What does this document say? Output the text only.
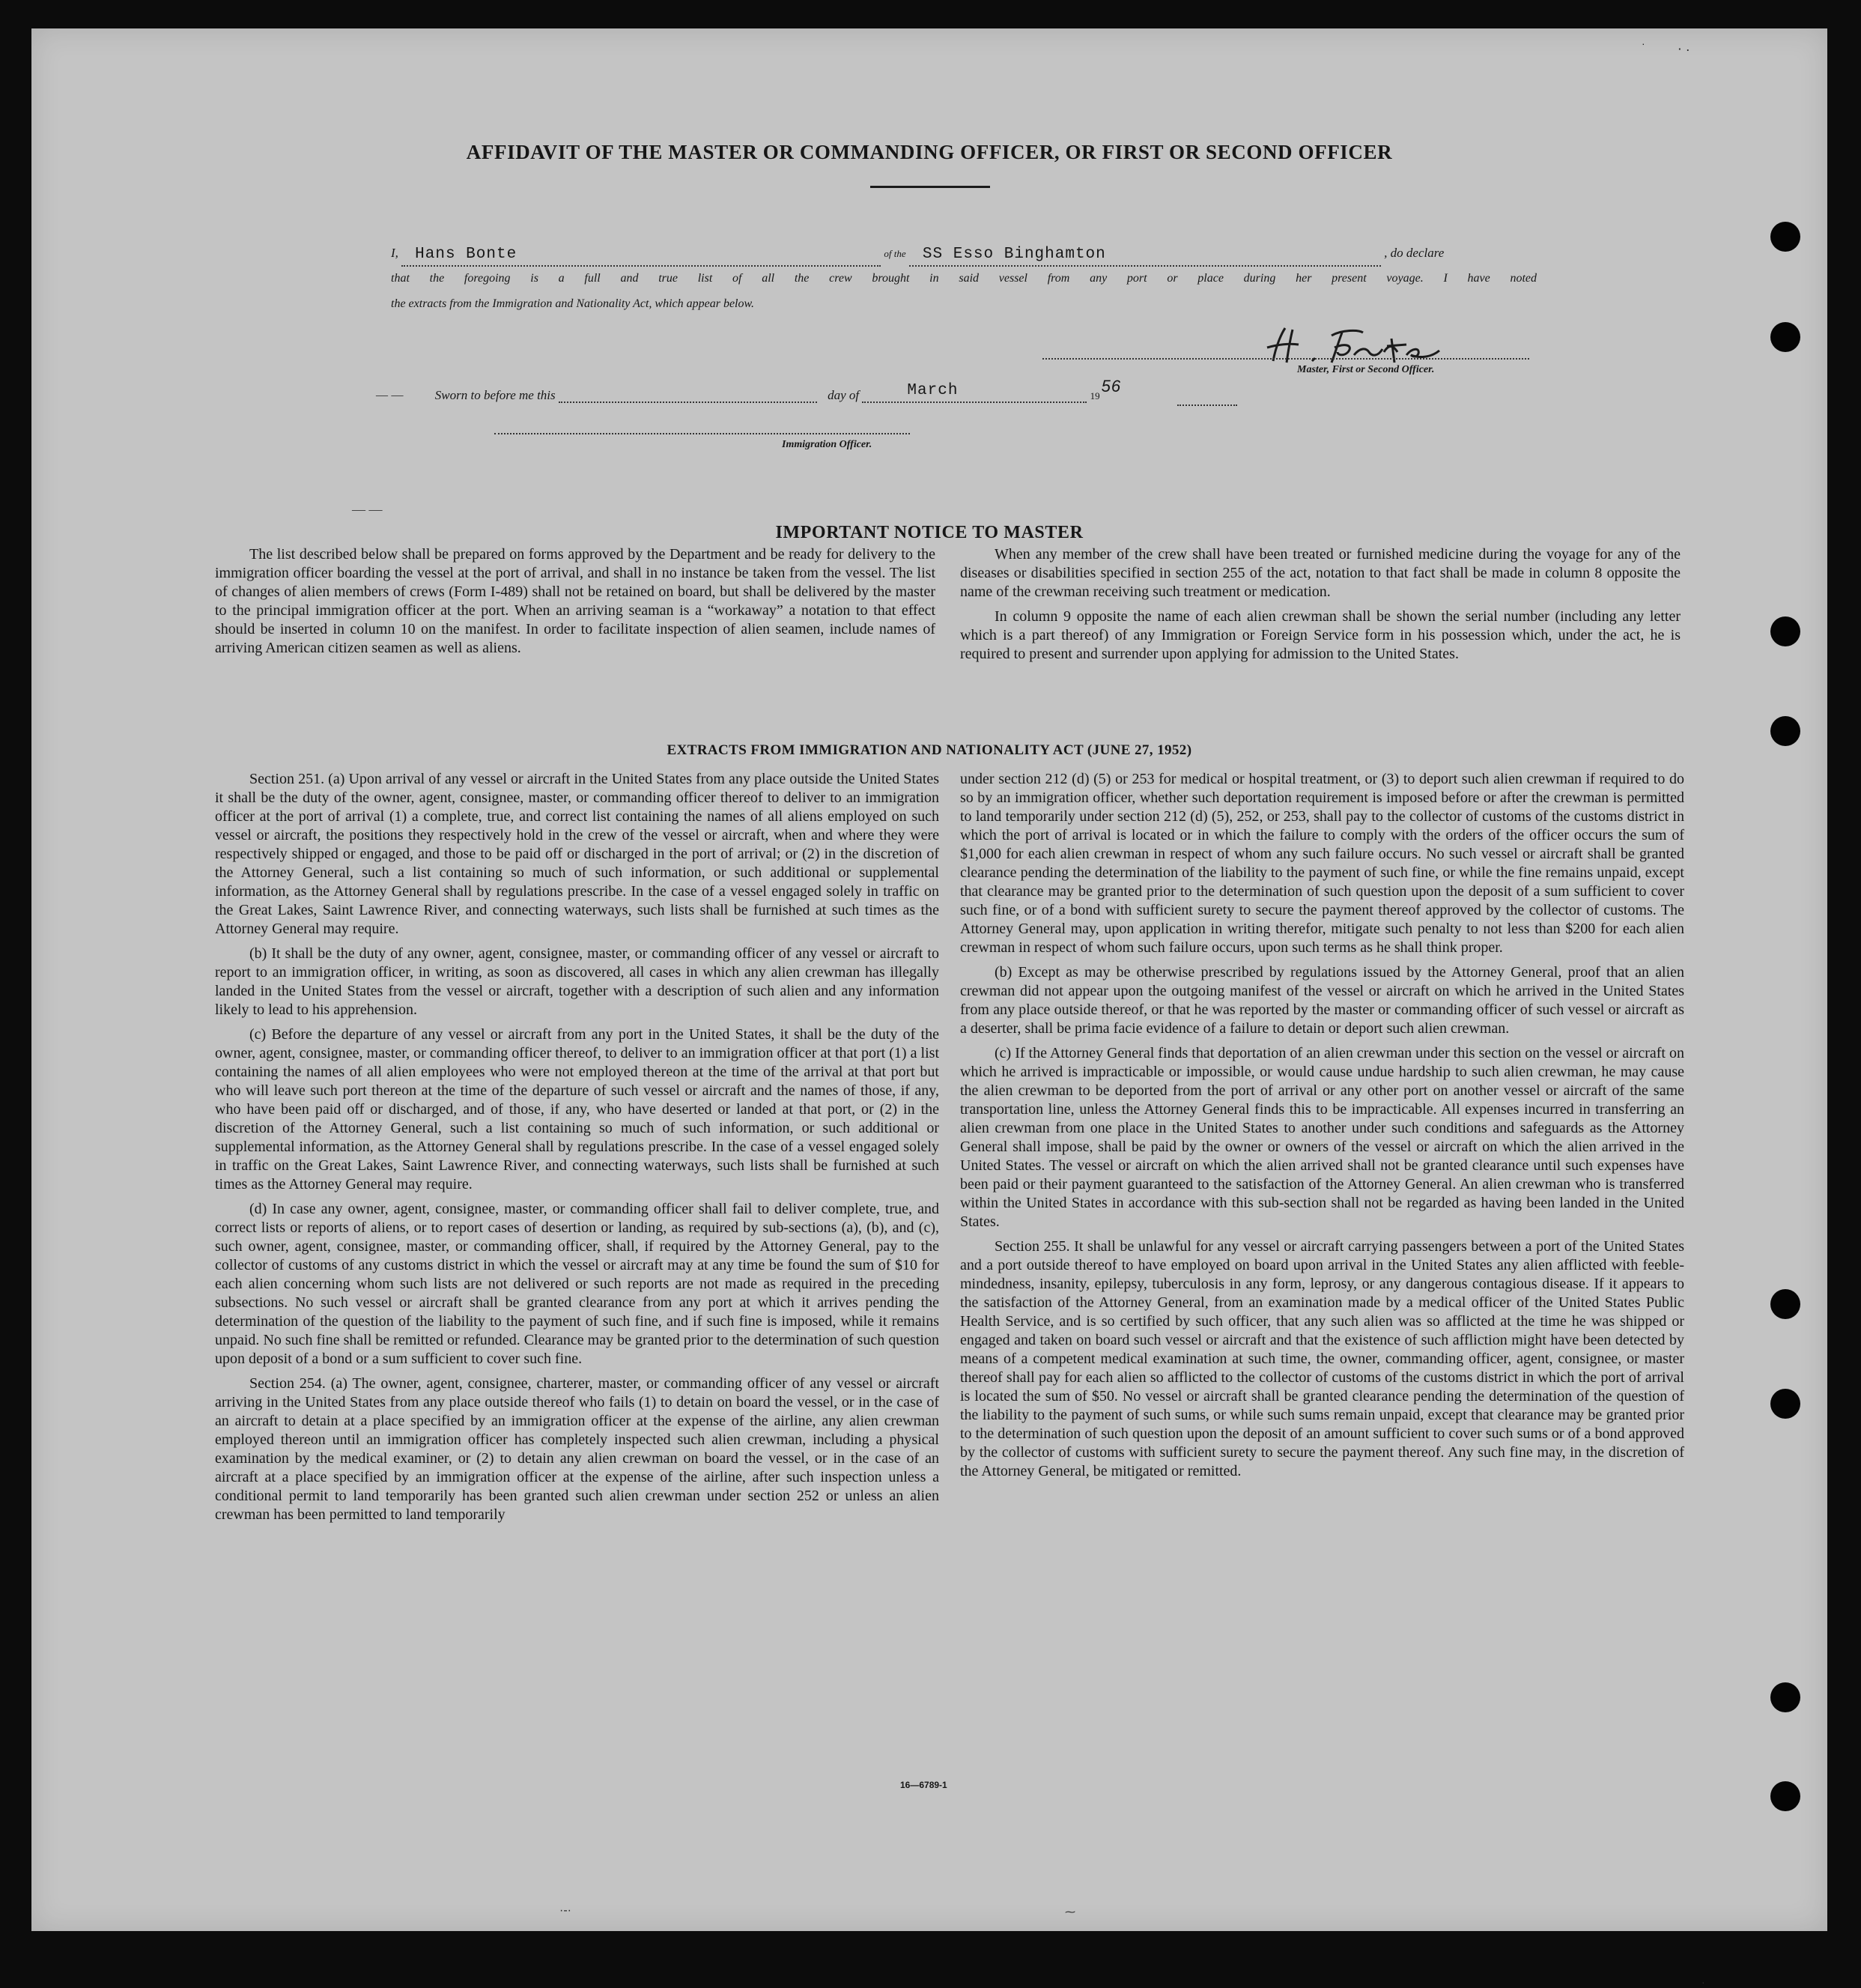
AFFIDAVIT OF THE MASTER OR COMMANDING OFFICER, OR FIRST OR SECOND OFFICER
I, Hans Bonte	of the SS Esso Binghamton	, do declare
that the foregoing is a full and true list of all the crew brought in said vessel from any port or place during her present voyage. I have noted
the extracts from the Immigration and Nationality Act, which appear below.
Master, First or Second Officer.
— — Sworn to before me this	day of	March	1956
Immigration Officer.
IMPORTANT NOTICE TO MASTER

The list described below shall be prepared on forms approved by the Department and be ready for delivery to the immigration officer boarding the vessel at the port of arrival, and shall in no instance be taken from the vessel. The list of changes of alien members of crews (Form I-489) shall not be retained on board, but shall be delivered by the master to the principal immigration officer at the port. When an arriving seaman is a “workaway” a notation to that effect should be inserted in column 10 on the manifest. In order to facilitate inspection of alien seamen, include names of arriving American citizen seamen as well as aliens.

When any member of the crew shall have been treated or furnished medicine during the voyage for any of the diseases or disabilities specified in section 255 of the act, notation to that fact shall be made in column 8 opposite the name of the crewman receiving such treatment or medication.

In column 9 opposite the name of each alien crewman shall be shown the serial number (including any letter which is a part thereof) of any Immigration or Foreign Service form in his possession which, under the act, he is required to present and surrender upon applying for admission to the United States.

EXTRACTS FROM IMMIGRATION AND NATIONALITY ACT (JUNE 27, 1952)

Section 251. (a) Upon arrival of any vessel or aircraft in the United States from any place outside the United States it shall be the duty of the owner, agent, consignee, master, or commanding officer thereof to deliver to an immigration officer at the port of arrival (1) a complete, true, and correct list containing the names of all aliens employed on such vessel or aircraft, the positions they respectively hold in the crew of the vessel or aircraft, when and where they were respectively shipped or engaged, and those to be paid off or discharged in the port of arrival; or (2) in the discretion of the Attorney General, such a list containing so much of such information, or such additional or supplemental information, as the Attorney General shall by regulations prescribe. In the case of a vessel engaged solely in traffic on the Great Lakes, Saint Lawrence River, and connecting waterways, such lists shall be furnished at such times as the Attorney General may require.

(b) It shall be the duty of any owner, agent, consignee, master, or commanding officer of any vessel or aircraft to report to an immigration officer, in writing, as soon as discovered, all cases in which any alien crewman has illegally landed in the United States from the vessel or aircraft, together with a description of such alien and any information likely to lead to his apprehension.

(c) Before the departure of any vessel or aircraft from any port in the United States, it shall be the duty of the owner, agent, consignee, master, or commanding officer thereof, to deliver to an immigration officer at that port (1) a list containing the names of all alien employees who were not employed thereon at the time of the arrival at that port but who will leave such port thereon at the time of the departure of such vessel or aircraft and the names of those, if any, who have been paid off or discharged, and of those, if any, who have deserted or landed at that port, or (2) in the discretion of the Attorney General, such a list containing so much of such information, or such additional or supplemental information, as the Attorney General shall by regulations prescribe. In the case of a vessel engaged solely in traffic on the Great Lakes, Saint Lawrence River, and connecting waterways, such lists shall be furnished at such times as the Attorney General may require.

(d) In case any owner, agent, consignee, master, or commanding officer shall fail to deliver complete, true, and correct lists or reports of aliens, or to report cases of desertion or landing, as required by sub-sections (a), (b), and (c), such owner, agent, consignee, master, or commanding officer, shall, if required by the Attorney General, pay to the collector of customs of any customs district in which the vessel or aircraft may at any time be found the sum of $10 for each alien concerning whom such lists are not delivered or such reports are not made as required in the preceding subsections. No such vessel or aircraft shall be granted clearance from any port at which it arrives pending the determination of the question of the liability to the payment of such fine, and if such fine is imposed, while it remains unpaid. No such fine shall be remitted or refunded. Clearance may be granted prior to the determination of such question upon deposit of a bond or a sum sufficient to cover such fine.

Section 254. (a) The owner, agent, consignee, charterer, master, or commanding officer of any vessel or aircraft arriving in the United States from any place outside thereof who fails (1) to detain on board the vessel, or in the case of an aircraft to detain at a place specified by an immigration officer at the expense of the airline, any alien crewman employed thereon until an immigration officer has completely inspected such alien crewman, including a physical examination by the medical examiner, or (2) to detain any alien crewman on board the vessel, or in the case of an aircraft at a place specified by an immigration officer at the expense of the airline, after such inspection unless a conditional permit to land temporarily has been granted such alien crewman under section 252 or unless an alien crewman has been permitted to land temporarily

under section 212 (d) (5) or 253 for medical or hospital treatment, or (3) to deport such alien crewman if required to do so by an immigration officer, whether such deportation requirement is imposed before or after the crewman is permitted to land temporarily under section 212 (d) (5), 252, or 253, shall pay to the collector of customs of the customs district in which the port of arrival is located or in which the failure to comply with the orders of the officer occurs the sum of $1,000 for each alien crewman in respect of whom any such failure occurs. No such vessel or aircraft shall be granted clearance pending the determination of the liability to the payment of such fine, or while the fine remains unpaid, except that clearance may be granted prior to the determination of such question upon the deposit of a sum sufficient to cover such fine, or of a bond with sufficient surety to secure the payment thereof approved by the collector of customs. The Attorney General may, upon application in writing therefor, mitigate such penalty to not less than $200 for each alien crewman in respect of whom such failure occurs, upon such terms as he shall think proper.

(b) Except as may be otherwise prescribed by regulations issued by the Attorney General, proof that an alien crewman did not appear upon the outgoing manifest of the vessel or aircraft on which he arrived in the United States from any place outside thereof, or that he was reported by the master or commanding officer of such vessel or aircraft as a deserter, shall be prima facie evidence of a failure to detain or deport such alien crewman.

(c) If the Attorney General finds that deportation of an alien crewman under this section on the vessel or aircraft on which he arrived is impracticable or impossible, or would cause undue hardship to such alien crewman, he may cause the alien crewman to be deported from the port of arrival or any other port on another vessel or aircraft of the same transportation line, unless the Attorney General finds this to be impracticable. All expenses incurred in transferring an alien crewman from one place in the United States to another under such conditions and safeguards as the Attorney General shall impose, shall be paid by the owner or owners of the vessel or aircraft on which the alien arrived in the United States. The vessel or aircraft on which the alien arrived shall not be granted clearance until such expenses have been paid or their payment guaranteed to the satisfaction of the Attorney General. An alien crewman who is transferred within the United States in accordance with this sub-section shall not be regarded as having been landed in the United States.

Section 255. It shall be unlawful for any vessel or aircraft carrying passengers between a port of the United States and a port outside thereof to have employed on board upon arrival in the United States any alien afflicted with feeble-mindedness, insanity, epilepsy, tuberculosis in any form, leprosy, or any dangerous contagious disease. If it appears to the satisfaction of the Attorney General, from an examination made by a medical officer of the United States Public Health Service, and is so certified by such officer, that any such alien was so afflicted at the time he was shipped or engaged and taken on board such vessel or aircraft and that the existence of such affliction might have been detected by means of a competent medical examination at such time, the owner, commanding officer, agent, consignee, or master thereof shall pay for each alien so afflicted to the collector of customs of the customs district in which the port of arrival is located the sum of $50. No vessel or aircraft shall be granted clearance pending the determination of the question of the liability to the payment of such sums, or while such sums remain unpaid, except that clearance may be granted prior to the determination of such question upon the deposit of an amount sufficient to cover such sums or of a bond approved by the collector of customs with sufficient surety to secure the payment thereof. Any such fine may, in the discretion of the Attorney General, be mitigated or remitted.

16—6789-1
— —
· ⋅ ·
·
⁓
·-·
